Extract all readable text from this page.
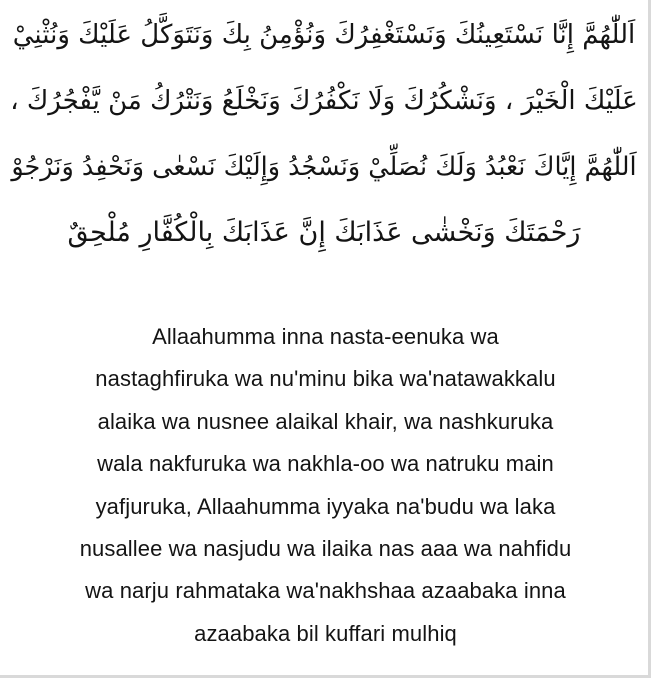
اَللّٰهُمَّ إِنَّا نَسْتَعِينُكَ وَنَسْتَغْفِرُكَ وَنُؤْمِنُ بِكَ وَنَتَوَكَّلُ عَلَيْكَ وَنُثْنِيْ
عَلَيْكَ الْخَيْرَ ، وَنَشْكُرُكَ وَلَا نَكْفُرُكَ وَنَخْلَعُ وَنَتْرُكُ مَنْ يَّفْجُرُكَ ،
اَللّٰهُمَّ إِيَّاكَ نَعْبُدُ وَلَكَ نُصَلِّيْ وَنَسْجُدُ وَإِلَيْكَ نَسْعٰى وَنَحْفِدُ وَنَرْجُوْ
رَحْمَتَكَ وَنَخْشٰى عَذَابَكَ إِنَّ عَذَابَكَ بِالْكُفَّارِ مُلْحِقٌ
Allaahumma inna nasta-eenuka wa
nastaghfiruka wa nu'minu bika wa'natawakkalu
alaika wa nusnee alaikal khair, wa nashkuruka
wala nakfuruka wa nakhla-oo wa natruku main
yafjuruka, Allaahumma iyyaka na'budu wa laka
nusallee wa nasjudu wa ilaika nas aaa wa nahfidu
wa narju rahmataka wa'nakhshaa azaabaka inna
azaabaka bil kuffari mulhiq
